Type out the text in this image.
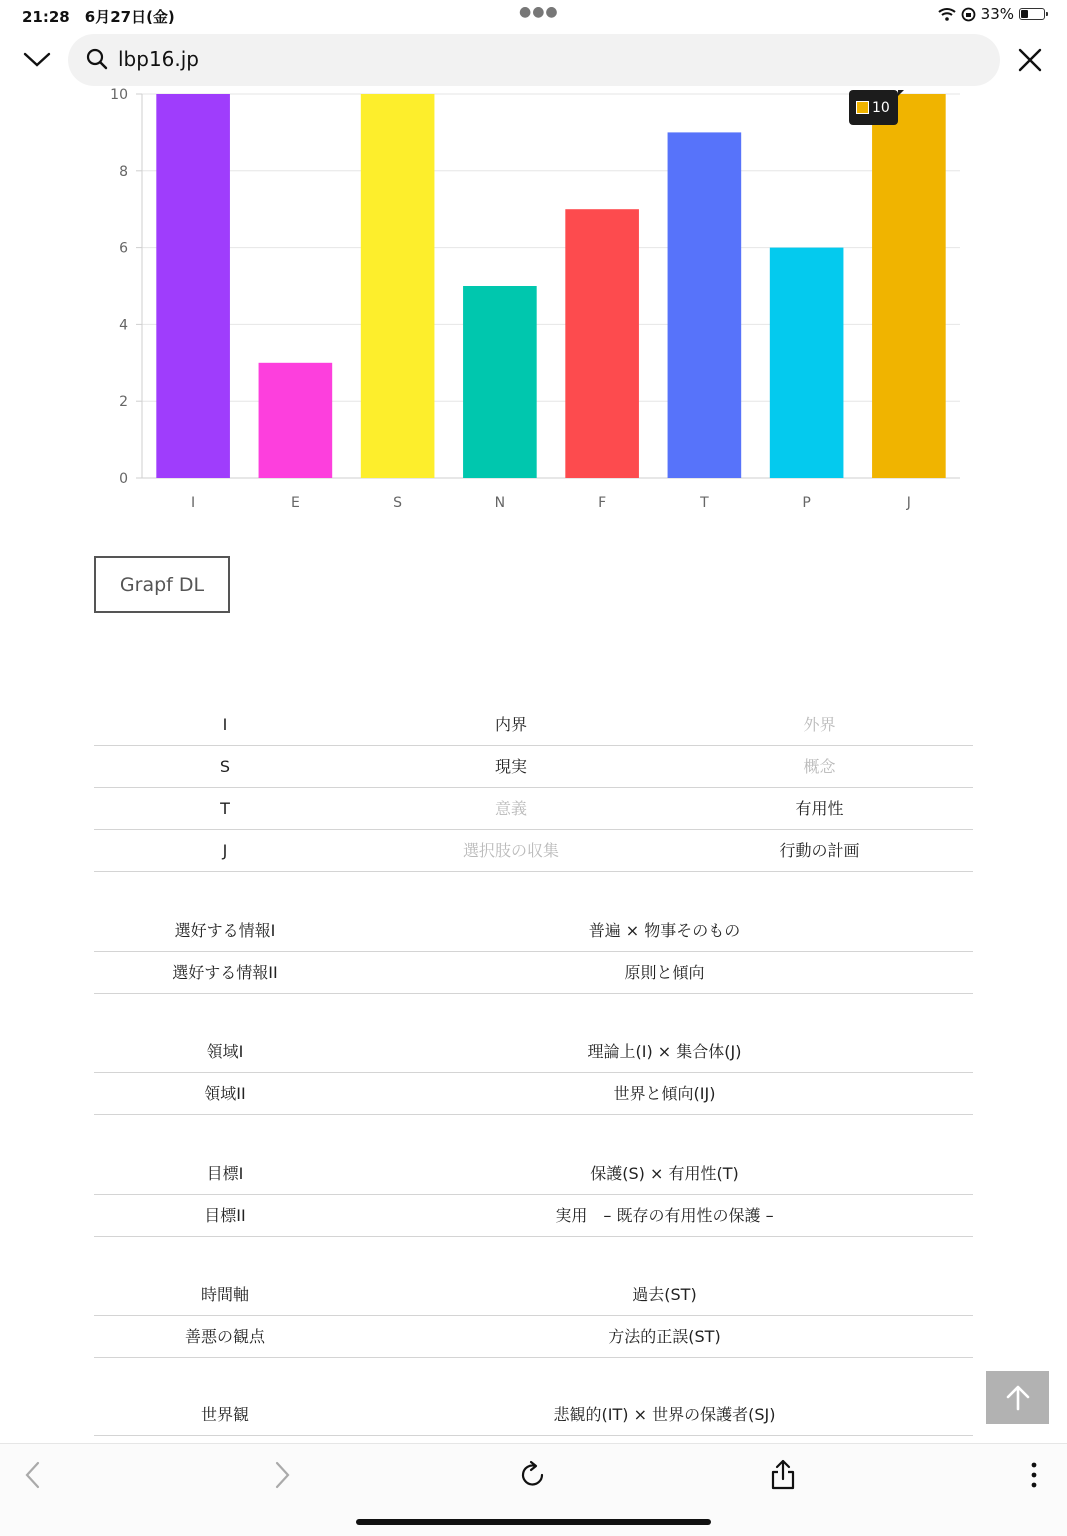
21:28　 6月27日(金)	●●●	33%
lbp16.jp
0
2
4
6
8
10
I	E	S	N	F	T	P	J
10
Grapf DL
I	内界	外界
S	現実	概念
T	意義	有用性
J	選択肢の収集	行動の計画
選好する情報I	普遍 × 物事そのもの
選好する情報II	原則と傾向
領域I	理論上(I) × 集合体(J)
領域II	世界と傾向(IJ)
目標I	保護(S) × 有用性(T)
目標II	実用　– 既存の有用性の保護 –
時間軸	過去(ST)
善悪の観点	方法的正誤(ST)
世界観	悲観的(IT) × 世界の保護者(SJ)
